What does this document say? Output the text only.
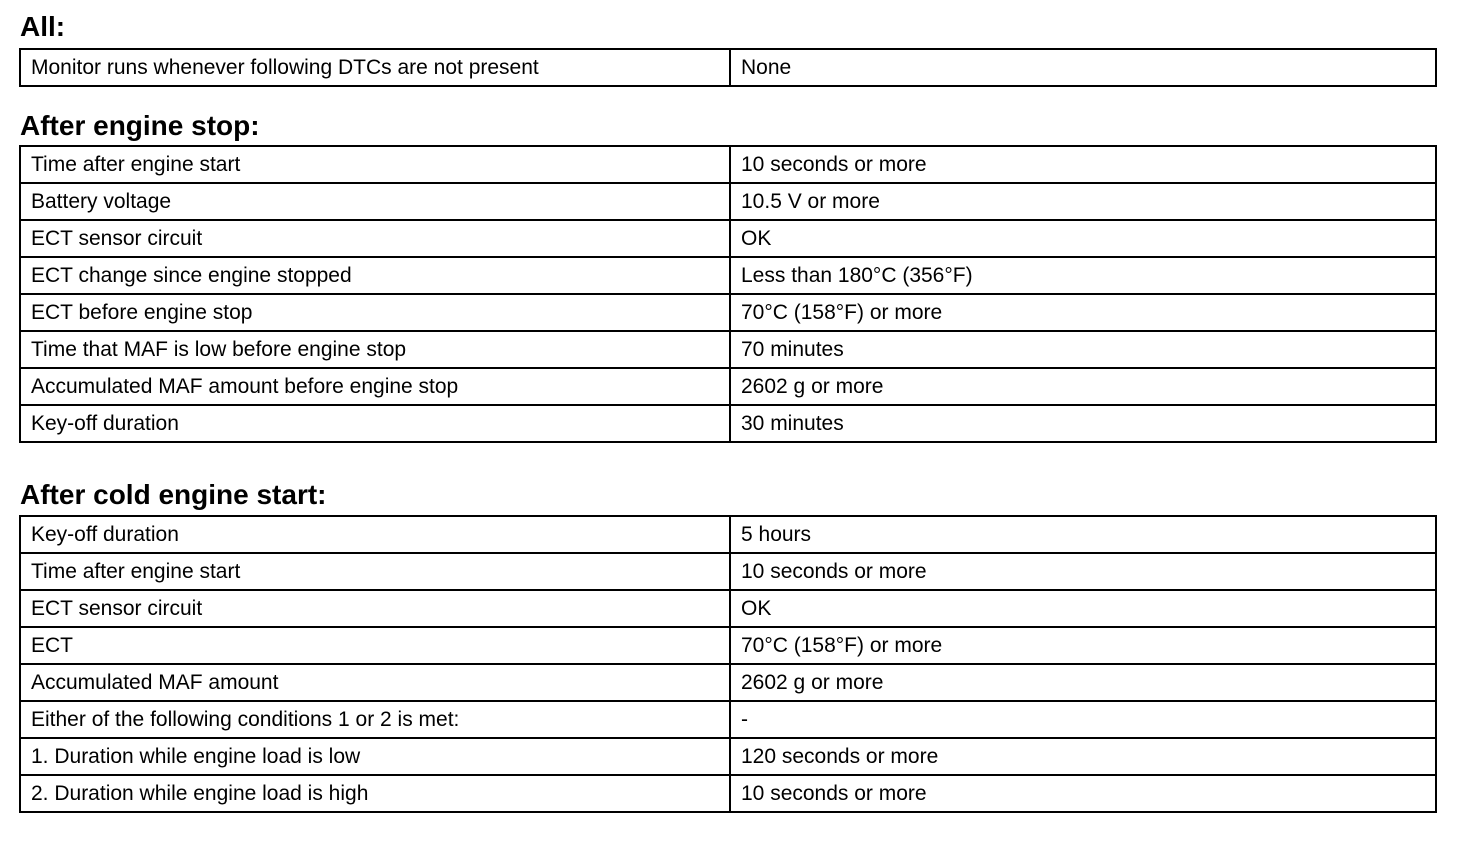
All:
Monitor runs whenever following DTCs are not present	None
After engine stop:
Time after engine start	10 seconds or more
Battery voltage	10.5 V or more
ECT sensor circuit	OK
ECT change since engine stopped	Less than 180°C (356°F)
ECT before engine stop	70°C (158°F) or more
Time that MAF is low before engine stop	70 minutes
Accumulated MAF amount before engine stop	2602 g or more
Key-off duration	30 minutes
After cold engine start:
Key-off duration	5 hours
Time after engine start	10 seconds or more
ECT sensor circuit	OK
ECT	70°C (158°F) or more
Accumulated MAF amount	2602 g or more
Either of the following conditions 1 or 2 is met:	-
1. Duration while engine load is low	120 seconds or more
2. Duration while engine load is high	10 seconds or more
